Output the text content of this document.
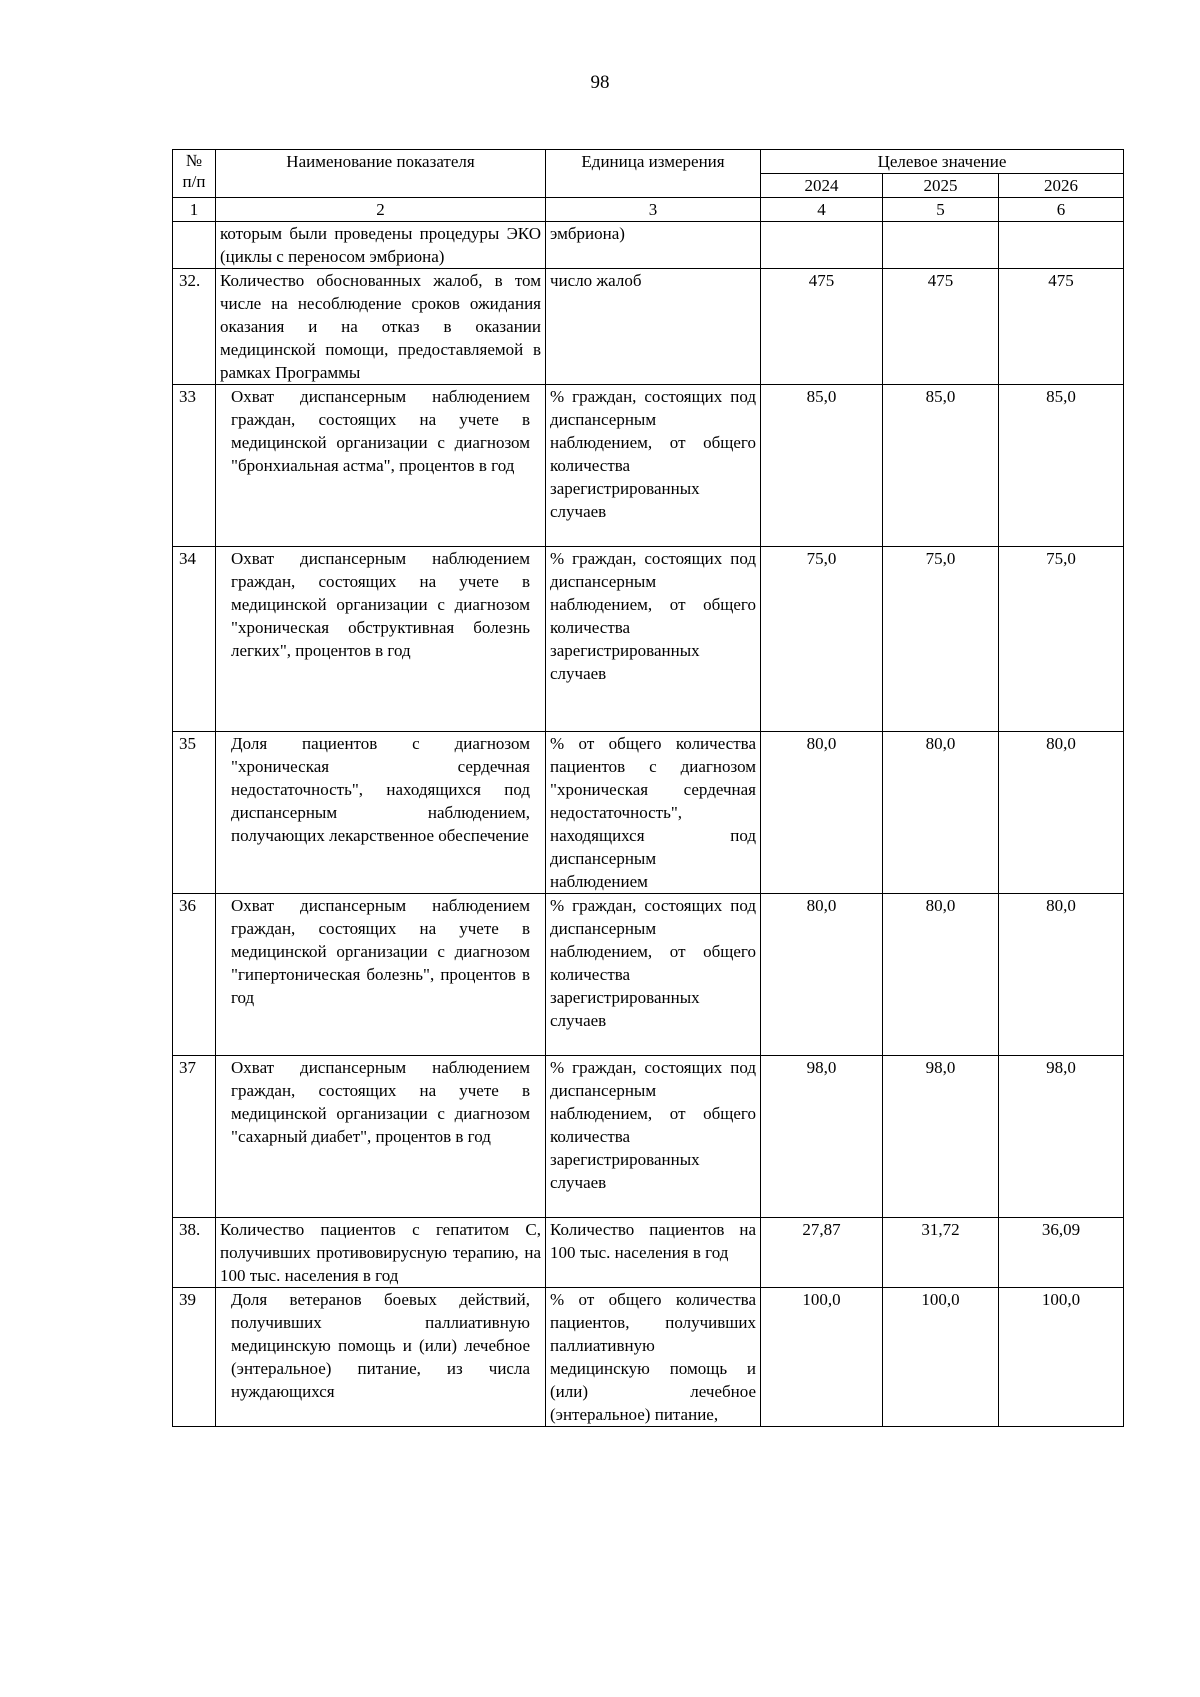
98
№ п/п	Наименование показателя	Единица измерения	Целевое значение		
			2024	2025	2026
1	2	3	4	5	6
	которым были проведены процедуры ЭКО (циклы с переносом эмбриона)	эмбриона)			
32.	Количество обоснованных жалоб, в том числе на несоблюдение сроков ожидания оказания и на отказ в оказании медицинской помощи, предоставляемой в рамках Программы	число жалоб	475	475	475
33	Охват диспансерным наблюдением граждан, состоящих на учете в медицинской организации с диагнозом "бронхиальная астма", процентов в год	% граждан, состоящих под диспансерным наблюдением, от общего количества зарегистрированных случаев	85,0	85,0	85,0
34	Охват диспансерным наблюдением граждан, состоящих на учете в медицинской организации с диагнозом "хроническая обструктивная болезнь легких", процентов в год	% граждан, состоящих под диспансерным наблюдением, от общего количества зарегистрированных случаев	75,0	75,0	75,0
35	Доля пациентов с диагнозом "хроническая сердечная недостаточность", находящихся под диспансерным наблюдением, получающих лекарственное обеспечение	% от общего количества пациентов с диагнозом "хроническая сердечная недостаточность", находящихся под диспансерным наблюдением	80,0	80,0	80,0
36	Охват диспансерным наблюдением граждан, состоящих на учете в медицинской организации с диагнозом "гипертоническая болезнь", процентов в год	% граждан, состоящих под диспансерным наблюдением, от общего количества зарегистрированных случаев	80,0	80,0	80,0
37	Охват диспансерным наблюдением граждан, состоящих на учете в медицинской организации с диагнозом "сахарный диабет", процентов в год	% граждан, состоящих под диспансерным наблюдением, от общего количества зарегистрированных случаев	98,0	98,0	98,0
38.	Количество пациентов с гепатитом С, получивших противовирусную терапию, на 100 тыс. населения в год	Количество пациентов на 100 тыс. населения в год	27,87	31,72	36,09
39	Доля ветеранов боевых действий, получивших паллиативную медицинскую помощь и (или) лечебное (энтеральное) питание, из числа нуждающихся	% от общего количества пациентов, получивших паллиативную медицинскую помощь и (или) лечебное (энтеральное) питание,	100,0	100,0	100,0
